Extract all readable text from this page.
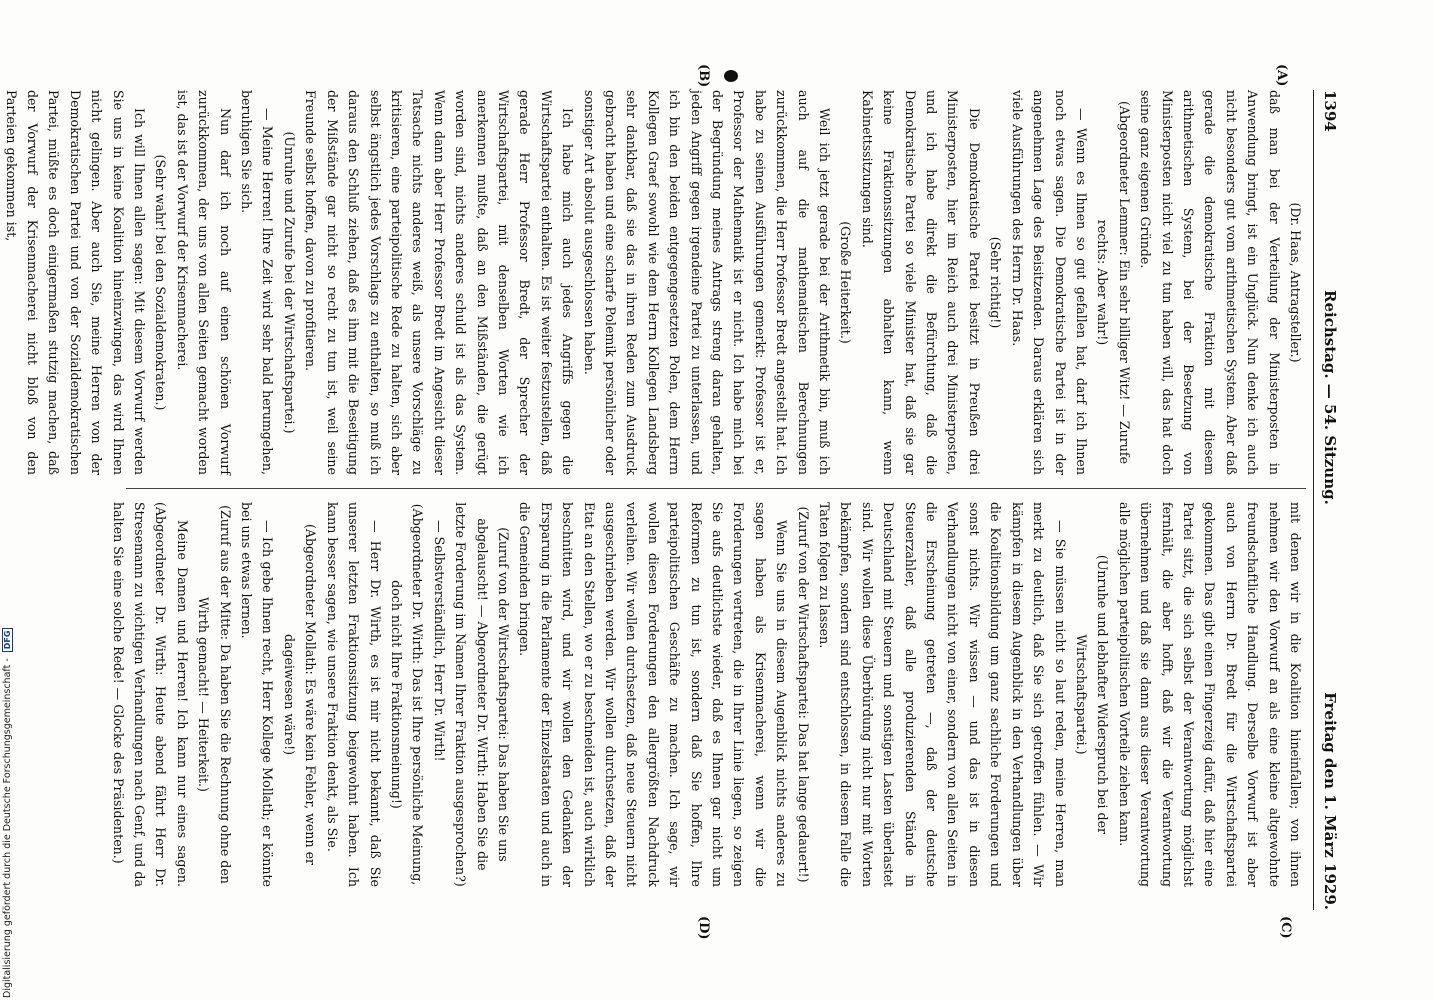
1394
Reichstag. — 54. Sitzung.
Freitag den 1. März 1929.

(Dr. Haas, Antragsteller.)

daß man bei der Verteilung der Ministerposten in Anwendung bringt, ist ein Unglück. Nun denke ich auch nicht besonders gut vom arithmetischen System. Aber daß gerade die demokratische Fraktion mit diesem arithmetischen System, bei der Besetzung von Ministerposten nicht viel zu tun haben will, das hat doch seine ganz eigenen Gründe.

(Abgeordneter Lemmer: Ein sehr billiger Witz! — Zurufe rechts: Aber wahr!)

— Wenn es Ihnen so gut gefallen hat, darf ich Ihnen noch etwas sagen. Die Demokratische Partei ist in der angenehmen Lage des Beisitzenden. Daraus erklären sich viele Ausführungen des Herrn Dr. Haas.

(Sehr richtig!)

Die Demokratische Partei besitzt in Preußen drei Ministerposten, hier im Reich auch drei Ministerposten, und ich habe direkt die Befürchtung, daß die Demokratische Partei so viele Minister hat, daß sie gar keine Fraktionssitzungen abhalten kann, wenn Kabinettssitzungen sind.

(Große Heiterkeit.)

Weil ich jetzt gerade bei der Arithmetik bin, muß ich auch auf die mathematischen Berechnungen zurückkommen, die Herr Professor Bredt angestellt hat. Ich habe zu seinen Ausführungen gemerkt: Professor ist er, Professor der Mathematik ist er nicht. Ich habe mich bei der Begründung meines Antrags streng daran gehalten, jeden Angriff gegen irgendeine Partei zu unterlassen, und ich bin den beiden entgegengesetzten Polen, dem Herrn Kollegen Graef sowohl wie dem Herrn Kollegen Landsberg sehr dankbar, daß sie das in ihren Reden zum Ausdruck gebracht haben und eine scharfe Polemik persönlicher oder sonstiger Art absolut ausgeschlossen haben.

Ich habe mich auch jedes Angriffs gegen die Wirtschaftspartei enthalten. Es ist weiter festzustellen, daß gerade Herr Professor Bredt, der Sprecher der Wirtschaftspartei, mit denselben Worten wie ich anerkennen mußte, daß an den Mißständen, die gerügt worden sind, nichts anderes schuld ist als das System. Wenn dann aber Herr Professor Bredt im Angesicht dieser Tatsache nichts anderes weiß, als unsere Vorschläge zu kritisieren, eine parteipolitische Rede zu halten, sich aber selbst ängstlich jedes Vorschlags zu enthalten, so muß ich daraus den Schluß ziehen, daß es ihm mit die Beseitigung der Mißstände gar nicht so recht zu tun ist, weil seine Freunde selbst hoffen, davon zu profitieren.

(Unruhe und Zurufe bei der Wirtschaftspartei.)

— Meine Herren! Ihre Zeit wird sehr bald herumgehen, beruhigen Sie sich.

Nun darf ich noch auf einen schönen Vorwurf zurückkommen, der uns von allen Seiten gemacht worden ist, das ist der Vorwurf der Krisenmacherei.

(Sehr wahr! bei den Sozialdemokraten.)

Ich will Ihnen allen sagen: Mit diesem Vorwurf werden Sie uns in keine Koalition hineinzwingen, das wird Ihnen nicht gelingen. Aber auch Sie, meine Herren von der Demokratischen Partei und von der Sozialdemokratischen Partei, müßte es doch einigermaßen stutzig machen, daß der Vorwurf der Krisenmacherei nicht bloß von den Parteien gekommen ist,

mit denen wir in die Koalition hineinfallen; von ihnen nehmen wir den Vorwurf an als eine kleine altgewohnte freundschaftliche Handlung. Derselbe Vorwurf ist aber auch von Herrn Dr. Bredt für die Wirtschaftspartei gekommen. Das gibt einen Fingerzeig dafür, daß hier eine Partei sitzt, die sich selbst der Verantwortung möglichst fernhält, die aber hofft, daß wir die Verantwortung übernehmen und daß sie dann aus dieser Verantwortung alle möglichen parteipolitischen Vorteile ziehen kann.

(Unruhe und lebhafter Widerspruch bei der Wirtschaftspartei.)

— Sie müssen nicht so laut reden, meine Herren, man merkt zu deutlich, daß Sie sich getroffen fühlen. — Wir kämpfen in diesem Augenblick in den Verhandlungen über die Koalitionsbildung um ganz sachliche Forderungen und sonst nichts. Wir wissen — und das ist in diesen Verhandlungen nicht von einer, sondern von allen Seiten in die Erscheinung getreten —, daß der deutsche Steuerzahler, daß alle produzierenden Stände in Deutschland mit Steuern und sonstigen Lasten überlastet sind. Wir wollen diese Überbürdung nicht nur mit Worten bekämpfen, sondern sind entschlossen, in diesem Falle die Taten folgen zu lassen.

(Zuruf von der Wirtschaftspartei: Das hat lange gedauert!)

Wenn Sie uns in diesem Augenblick nichts anderes zu sagen haben als Krisenmacherei, wenn wir die Forderungen vertreten, die in Ihrer Linie liegen, so zeigen Sie aufs deutlichste wieder, daß es Ihnen gar nicht um Reformen zu tun ist, sondern daß Sie hoffen, Ihre parteipolitischen Geschäfte zu machen. Ich sage, wir wollen diesen Forderungen den allergrößten Nachdruck verleihen. Wir wollen durchsetzen, daß neue Steuern nicht ausgeschrieben werden. Wir wollen durchsetzen, daß der Etat an den Stellen, wo er zu beschneiden ist, auch wirklich beschnitten wird, und wir wollen den Gedanken der Ersparung in die Parlamente der Einzelstaaten und auch in die Gemeinden bringen.

(Zuruf von der Wirtschaftspartei: Das haben Sie uns abgelauscht! — Abgeordneter Dr. Wirth: Haben Sie die letzte Forderung im Namen Ihrer Fraktion ausgesprochen?)

— Selbstverständlich, Herr Dr. Wirth!

(Abgeordneter Dr. Wirth: Das ist Ihre persönliche Meinung, doch nicht Ihre Fraktionsmeinung!)

— Herr Dr. Wirth, es ist mir nicht bekannt, daß Sie unserer letzten Fraktionssitzung beigewohnt haben. Ich kann besser sagen, wie unsere Fraktion denkt, als Sie.

(Abgeordneter Mollath: Es wäre kein Fehler, wenn er dageiwesen wäre!)

— Ich gebe Ihnen recht, Herr Kollege Mollath; er könnte bei uns etwas lernen.

(Zuruf aus der Mitte: Da haben Sie die Rechnung ohne den Wirth gemacht! — Heiterkeit.)

Meine Damen und Herren! Ich kann nur eines sagen. (Abgeordneter Dr. Wirth: Heute abend fährt Herr Dr. Stresemann zu wichtigen Verhandlungen nach Genf, und da halten Sie eine solche Rede! — Glocke des Präsidenten.)

(A)
(B)
(C)
(D)
Digitalisierung gefördert durch die Deutsche Forschungsgemeinschaft - DFG
